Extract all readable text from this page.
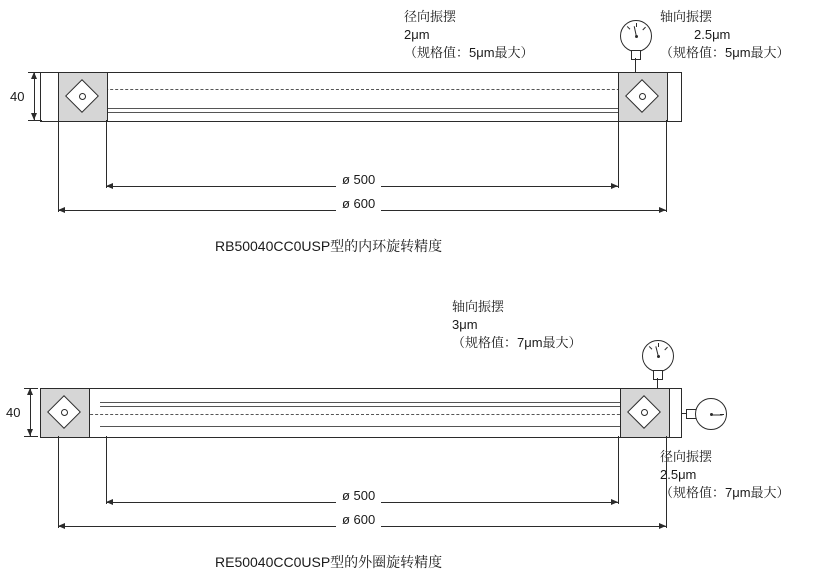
径向振摆
2μm
（规格值：5μm最大）
轴向振摆
2.5μm
（规格值：5μm最大）
40
ø 500
ø 600
RB50040CC0USP型的内环旋转精度
轴向振摆
3μm
（规格值：7μm最大）
径向振摆
2.5μm
（规格值：7μm最大）
40
ø 500
ø 600
RE50040CC0USP型的外圈旋转精度
